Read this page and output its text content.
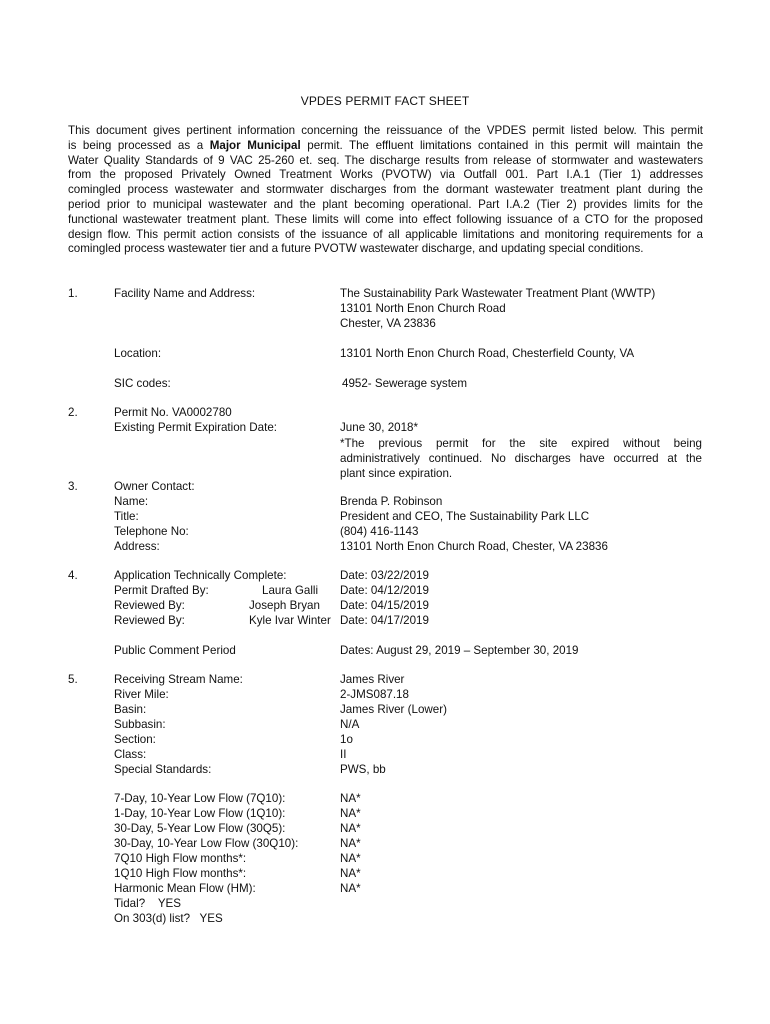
VPDES PERMIT FACT SHEET
This document gives pertinent information concerning the reissuance of the VPDES permit listed below. This permit
is being processed as a Major Municipal permit. The effluent limitations contained in this permit will maintain the
Water Quality Standards of 9 VAC 25-260 et. seq. The discharge results from release of stormwater and wastewaters
from the proposed Privately Owned Treatment Works (PVOTW) via Outfall 001. Part I.A.1 (Tier 1) addresses
comingled process wastewater and stormwater discharges from the dormant wastewater treatment plant during the
period prior to municipal wastewater and the plant becoming operational. Part I.A.2 (Tier 2) provides limits for the
functional wastewater treatment plant. These limits will come into effect following issuance of a CTO for the proposed
design flow. This permit action consists of the issuance of all applicable limitations and monitoring requirements for a
comingled process wastewater tier and a future PVOTW wastewater discharge, and updating special conditions.
1.	Facility Name and Address:	The Sustainability Park Wastewater Treatment Plant (WWTP)
13101 North Enon Church Road
Chester, VA 23836
Location:	13101 North Enon Church Road, Chesterfield County, VA
SIC codes:	4952- Sewerage system
2.	Permit No. VA0002780
Existing Permit Expiration Date:	June 30, 2018*
*The previous permit for the site expired without being
administratively continued. No discharges have occurred at the
plant since expiration.
3.	Owner Contact:
Name:	Brenda P. Robinson
Title:	President and CEO, The Sustainability Park LLC
Telephone No:	(804) 416-1143
Address:	13101 North Enon Church Road, Chester, VA 23836
4.	Application Technically Complete:	Date: 03/22/2019
Permit Drafted By:	Laura Galli Date: 04/12/2019
Reviewed By:	Joseph Bryan Date: 04/15/2019
Reviewed By:	Kyle Ivar Winter Date: 04/17/2019
Public Comment Period	Dates: August 29, 2019 – September 30, 2019
5.	Receiving Stream Name:	James River
River Mile:	2-JMS087.18
Basin:	James River (Lower)
Subbasin:	N/A
Section:	1o
Class:	II
Special Standards:	PWS, bb
7-Day, 10-Year Low Flow (7Q10):	NA*
1-Day, 10-Year Low Flow (1Q10):	NA*
30-Day, 5-Year Low Flow (30Q5):	NA*
30-Day, 10-Year Low Flow (30Q10):	NA*
7Q10 High Flow months*:	NA*
1Q10 High Flow months*:	NA*
Harmonic Mean Flow (HM):	NA*
Tidal?    YES
On 303(d) list?   YES
